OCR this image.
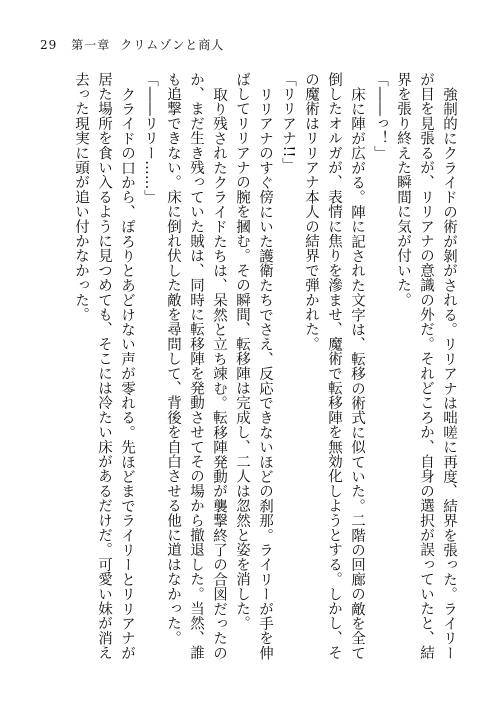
29 第一章 クリムゾンと商人

強制的にクライドの術が剝がされる。リリアナは咄嗟に再度、結界を張った。ライリーが目を見張るが、リリアナの意識の外だ。それどころか、自身の選択が誤っていたと、結界を張り終えた瞬間に気が付いた。

「――っ！」

床に陣が広がる。陣に記された文字は、転移の術式に似ていた。二階の回廊の敵を全て倒したオルガが、表情に焦りを滲ませ、魔術で転移陣を無効化しようとする。しかし、その魔術はリリアナ本人の結界で弾かれた。

「リリアナ!!」

リリアナのすぐ傍にいた護衛たちでさえ、反応できないほどの刹那。ライリーが手を伸ばしてリリアナの腕を摑む。その瞬間、転移陣は完成し、二人は忽然と姿を消した。

取り残されたクライドたちは、呆然と立ち竦む。転移陣発動が襲撃終了の合図だったのか、まだ生き残っていた賊は、同時に転移陣を発動させてその場から撤退した。当然、誰も追撃できない。床に倒れ伏した敵を尋問して、背後を自白させる他に道はなかった。

「――リリー……」

クライドの口から、ぽろりとあどけない声が零れる。先ほどまでライリーとリリアナが居た場所を食い入るように見つめても、そこには冷たい床があるだけだ。可愛い妹が消え去った現実に頭が追い付かなかった。
